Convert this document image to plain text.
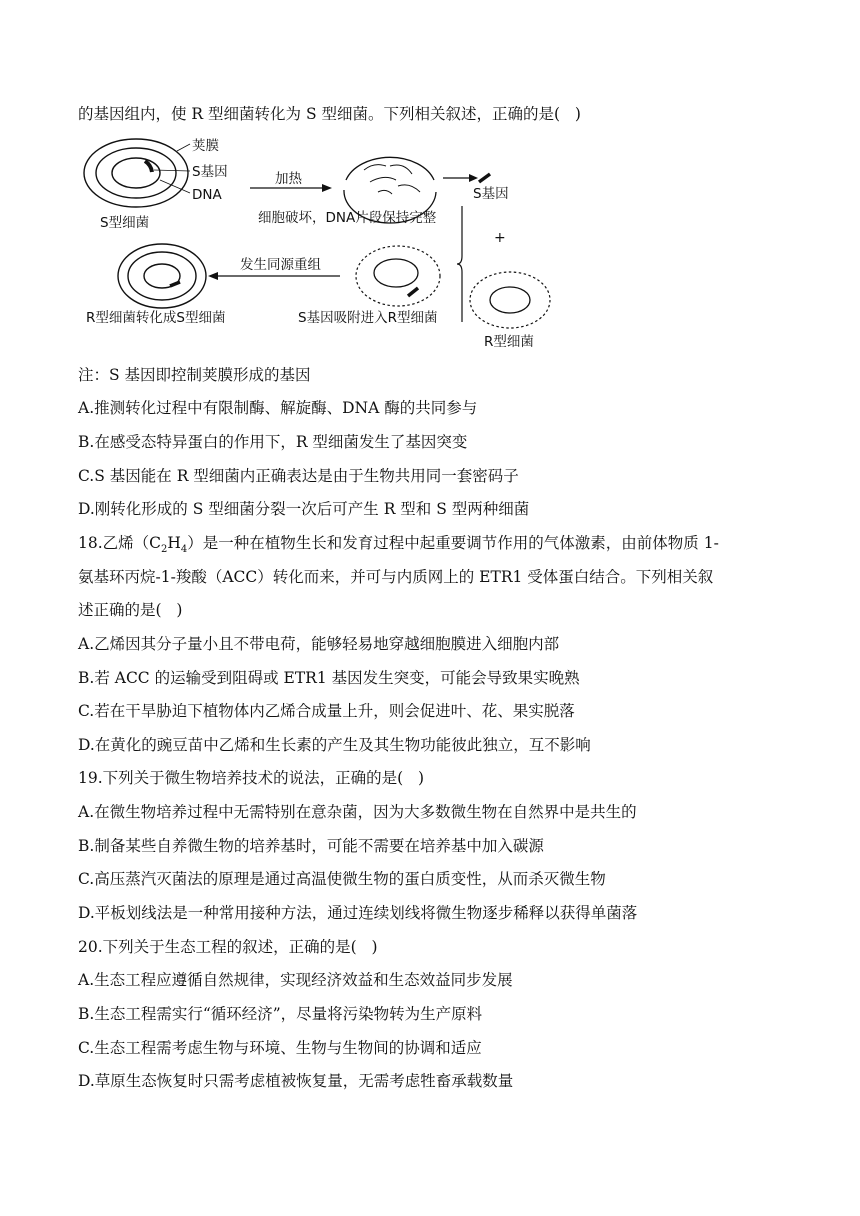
的基因组内，使 R 型细菌转化为 S 型细菌。下列相关叙述，正确的是(   )
荚膜
S基因
DNA
S型细菌
加热
细胞破坏，DNA片段保持完整
S基因
+
R型细菌
S基因吸附进入R型细菌
发生同源重组
R型细菌转化成S型细菌
注：S 基因即控制荚膜形成的基因
A.推测转化过程中有限制酶、解旋酶、DNA 酶的共同参与
B.在感受态特异蛋白的作用下，R 型细菌发生了基因突变
C.S 基因能在 R 型细菌内正确表达是由于生物共用同一套密码子
D.刚转化形成的 S 型细菌分裂一次后可产生 R 型和 S 型两种细菌
18.乙烯$(C_2H_4)$是一种在植物生长和发育过程中起重要调节作用的气体激素，由前体物质 1-
氨基环丙烷-1-羧酸（ACC）转化而来，并可与内质网上的 ETR1 受体蛋白结合。下列相关叙
述正确的是(   )
A.乙烯因其分子量小且不带电荷，能够轻易地穿越细胞膜进入细胞内部
B.若 ACC 的运输受到阻碍或 ETR1 基因发生突变，可能会导致果实晚熟
C.若在干旱胁迫下植物体内乙烯合成量上升，则会促进叶、花、果实脱落
D.在黄化的豌豆苗中乙烯和生长素的产生及其生物功能彼此独立，互不影响
19.下列关于微生物培养技术的说法，正确的是(   )
A.在微生物培养过程中无需特别在意杂菌，因为大多数微生物在自然界中是共生的
B.制备某些自养微生物的培养基时，可能不需要在培养基中加入碳源
C.高压蒸汽灭菌法的原理是通过高温使微生物的蛋白质变性，从而杀灭微生物
D.平板划线法是一种常用接种方法，通过连续划线将微生物逐步稀释以获得单菌落
20.下列关于生态工程的叙述，正确的是(   )
A.生态工程应遵循自然规律，实现经济效益和生态效益同步发展
B.生态工程需实行“循环经济”，尽量将污染物转为生产原料
C.生态工程需考虑生物与环境、生物与生物间的协调和适应
D.草原生态恢复时只需考虑植被恢复量，无需考虑牲畜承载数量
